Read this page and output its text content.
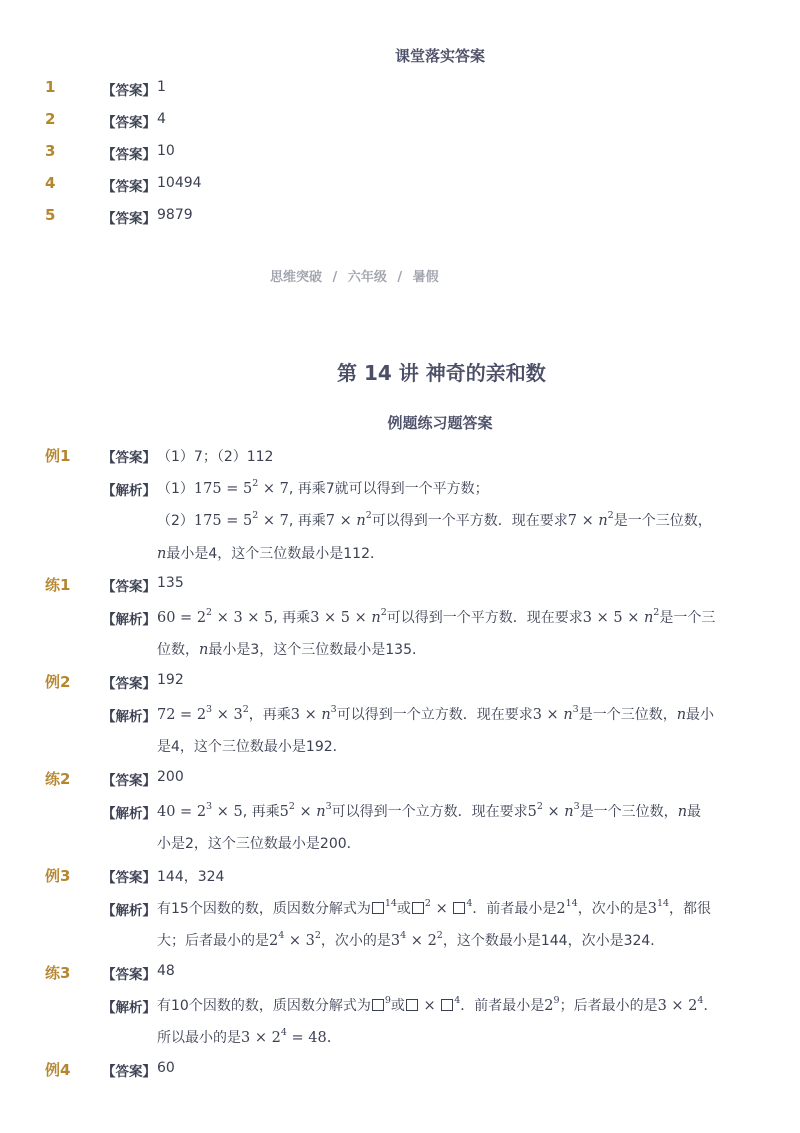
课堂落实答案
1	【答案】 1
2	【答案】 4
3	【答案】 10
4	【答案】 10494
5	【答案】 9879
思维突破 / 六年级 / 暑假
第 14 讲 神奇的亲和数
例题练习题答案
例1 【答案】 （1）7；（2）112
【解析】 $(1)175 = 5^2 \times 7$, 再乘7就可以得到一个平方数；
$(2)175 = 5^2 \times 7$, 再乘$7 \times n^2$可以得到一个平方数．现在要求$7 \times n^2$是一个三位数，
n最小是4，这个三位数最小是112．
练1 【答案】 135
【解析】 $60 = 2^2 \times 3 \times 5$, 再乘$3 \times 5 \times n^2$可以得到一个平方数．现在要求$3 \times 5 \times n^2$是一个三
位数，n最小是3，这个三位数最小是135．
例2 【答案】 192
【解析】 $72 = 2^3 \times 3^2$，再乘$3 \times n^3$可以得到一个立方数．现在要求$3 \times n^3$是一个三位数，n最小
是4，这个三位数最小是192．
练2 【答案】 200
【解析】 $40 = 2^3 \times 5$, 再乘$5^2 \times n^3$可以得到一个立方数．现在要求$5^2 \times n^3$是一个三位数，n最
小是2，这个三位数最小是200．
例3 【答案】 144，324
【解析】 有15个因数的数，质因数分解式为 $^{14}$或 $^2$ × $^4$．前者最小是$2^{14}$，次小的是$3^{14}$，都很
大；后者最小的是$2^4 \times 3^2$，次小的是$3^4 \times 2^2$，这个数最小是144，次小是324．
练3 【答案】 48
【解析】 有10个因数的数，质因数分解式为 $^9$或 × $^4$．前者最小是$2^9$；后者最小的是$3 \times 2^4$．
所以最小的是$3 \times 2^4 = 48$.
例4 【答案】 60
